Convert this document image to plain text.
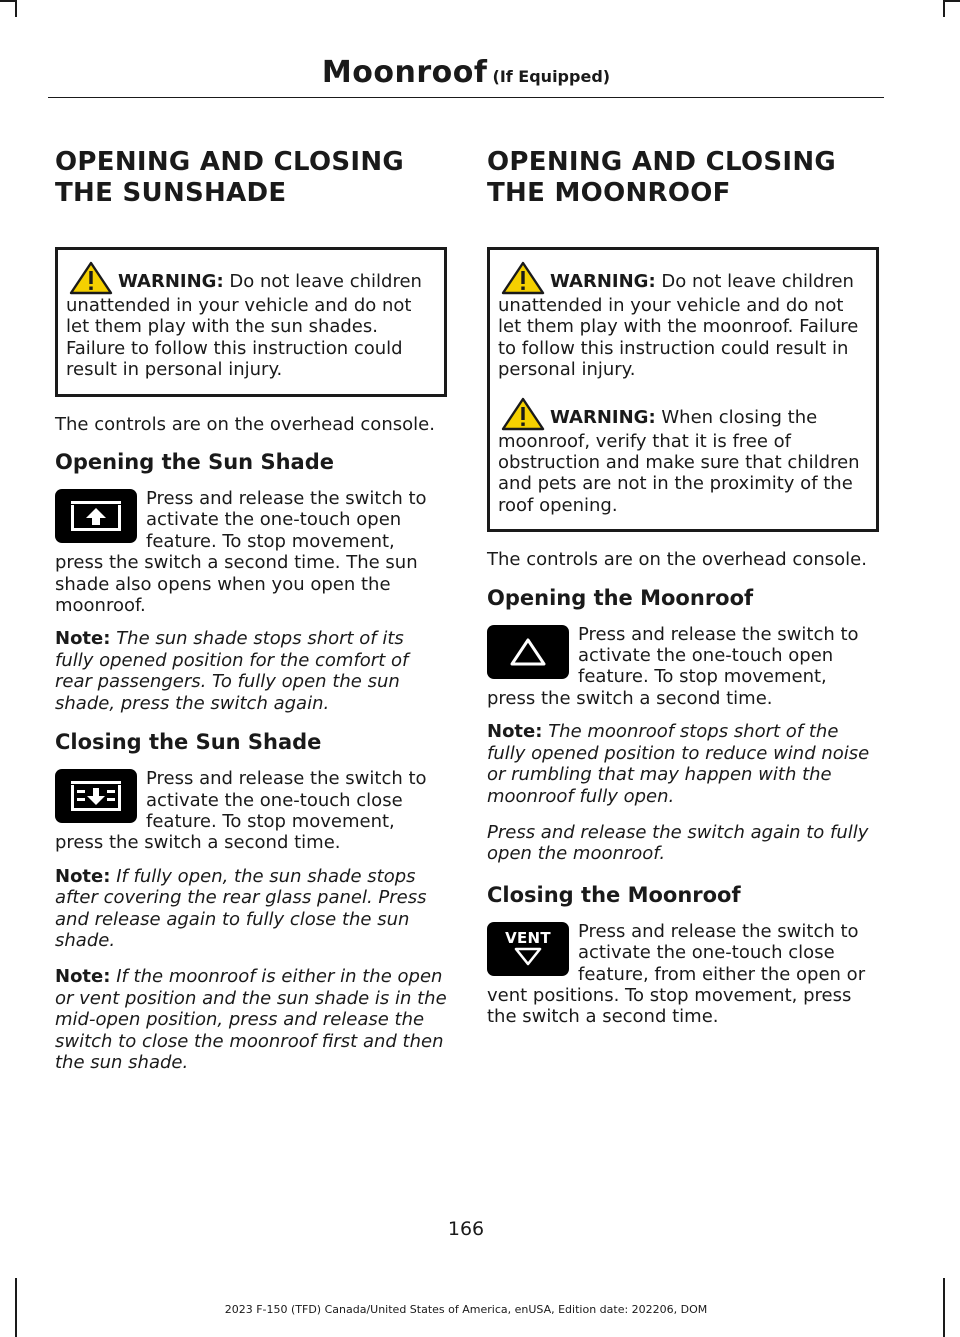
Moonroof (If Equipped)
OPENING AND CLOSING THE SUNSHADE

WARNING: Do not leave children unattended in your vehicle and do not let them play with the sun shades. Failure to follow this instruction could result in personal injury.

The controls are on the overhead console.

Opening the Sun Shade

Press and release the switch to activate the one-touch open feature. To stop movement, press the switch a second time. The sun shade also opens when you open the moonroof.

Note: The sun shade stops short of its fully opened position for the comfort of rear passengers. To fully open the sun shade, press the switch again.

Closing the Sun Shade

Press and release the switch to activate the one-touch close feature. To stop movement, press the switch a second time.

Note: If fully open, the sun shade stops after covering the rear glass panel. Press and release again to fully close the sun shade.

Note: If the moonroof is either in the open or vent position and the sun shade is in the mid-open position, press and release the switch to close the moonroof first and then the sun shade.

OPENING AND CLOSING THE MOONROOF

WARNING: Do not leave children unattended in your vehicle and do not let them play with the moonroof. Failure to follow this instruction could result in personal injury.

WARNING: When closing the moonroof, verify that it is free of obstruction and make sure that children and pets are not in the proximity of the roof opening.

The controls are on the overhead console.

Opening the Moonroof

Press and release the switch to activate the one-touch open feature. To stop movement, press the switch a second time.

Note: The moonroof stops short of the fully opened position to reduce wind noise or rumbling that may happen with the moonroof fully open.

Press and release the switch again to fully open the moonroof.

Closing the Moonroof
VENT	Press and release the switch to activate the one-touch close feature, from either the open or vent positions. To stop movement, press the switch a second time.

166
2023 F-150 (TFD) Canada/United States of America, enUSA, Edition date: 202206, DOM
